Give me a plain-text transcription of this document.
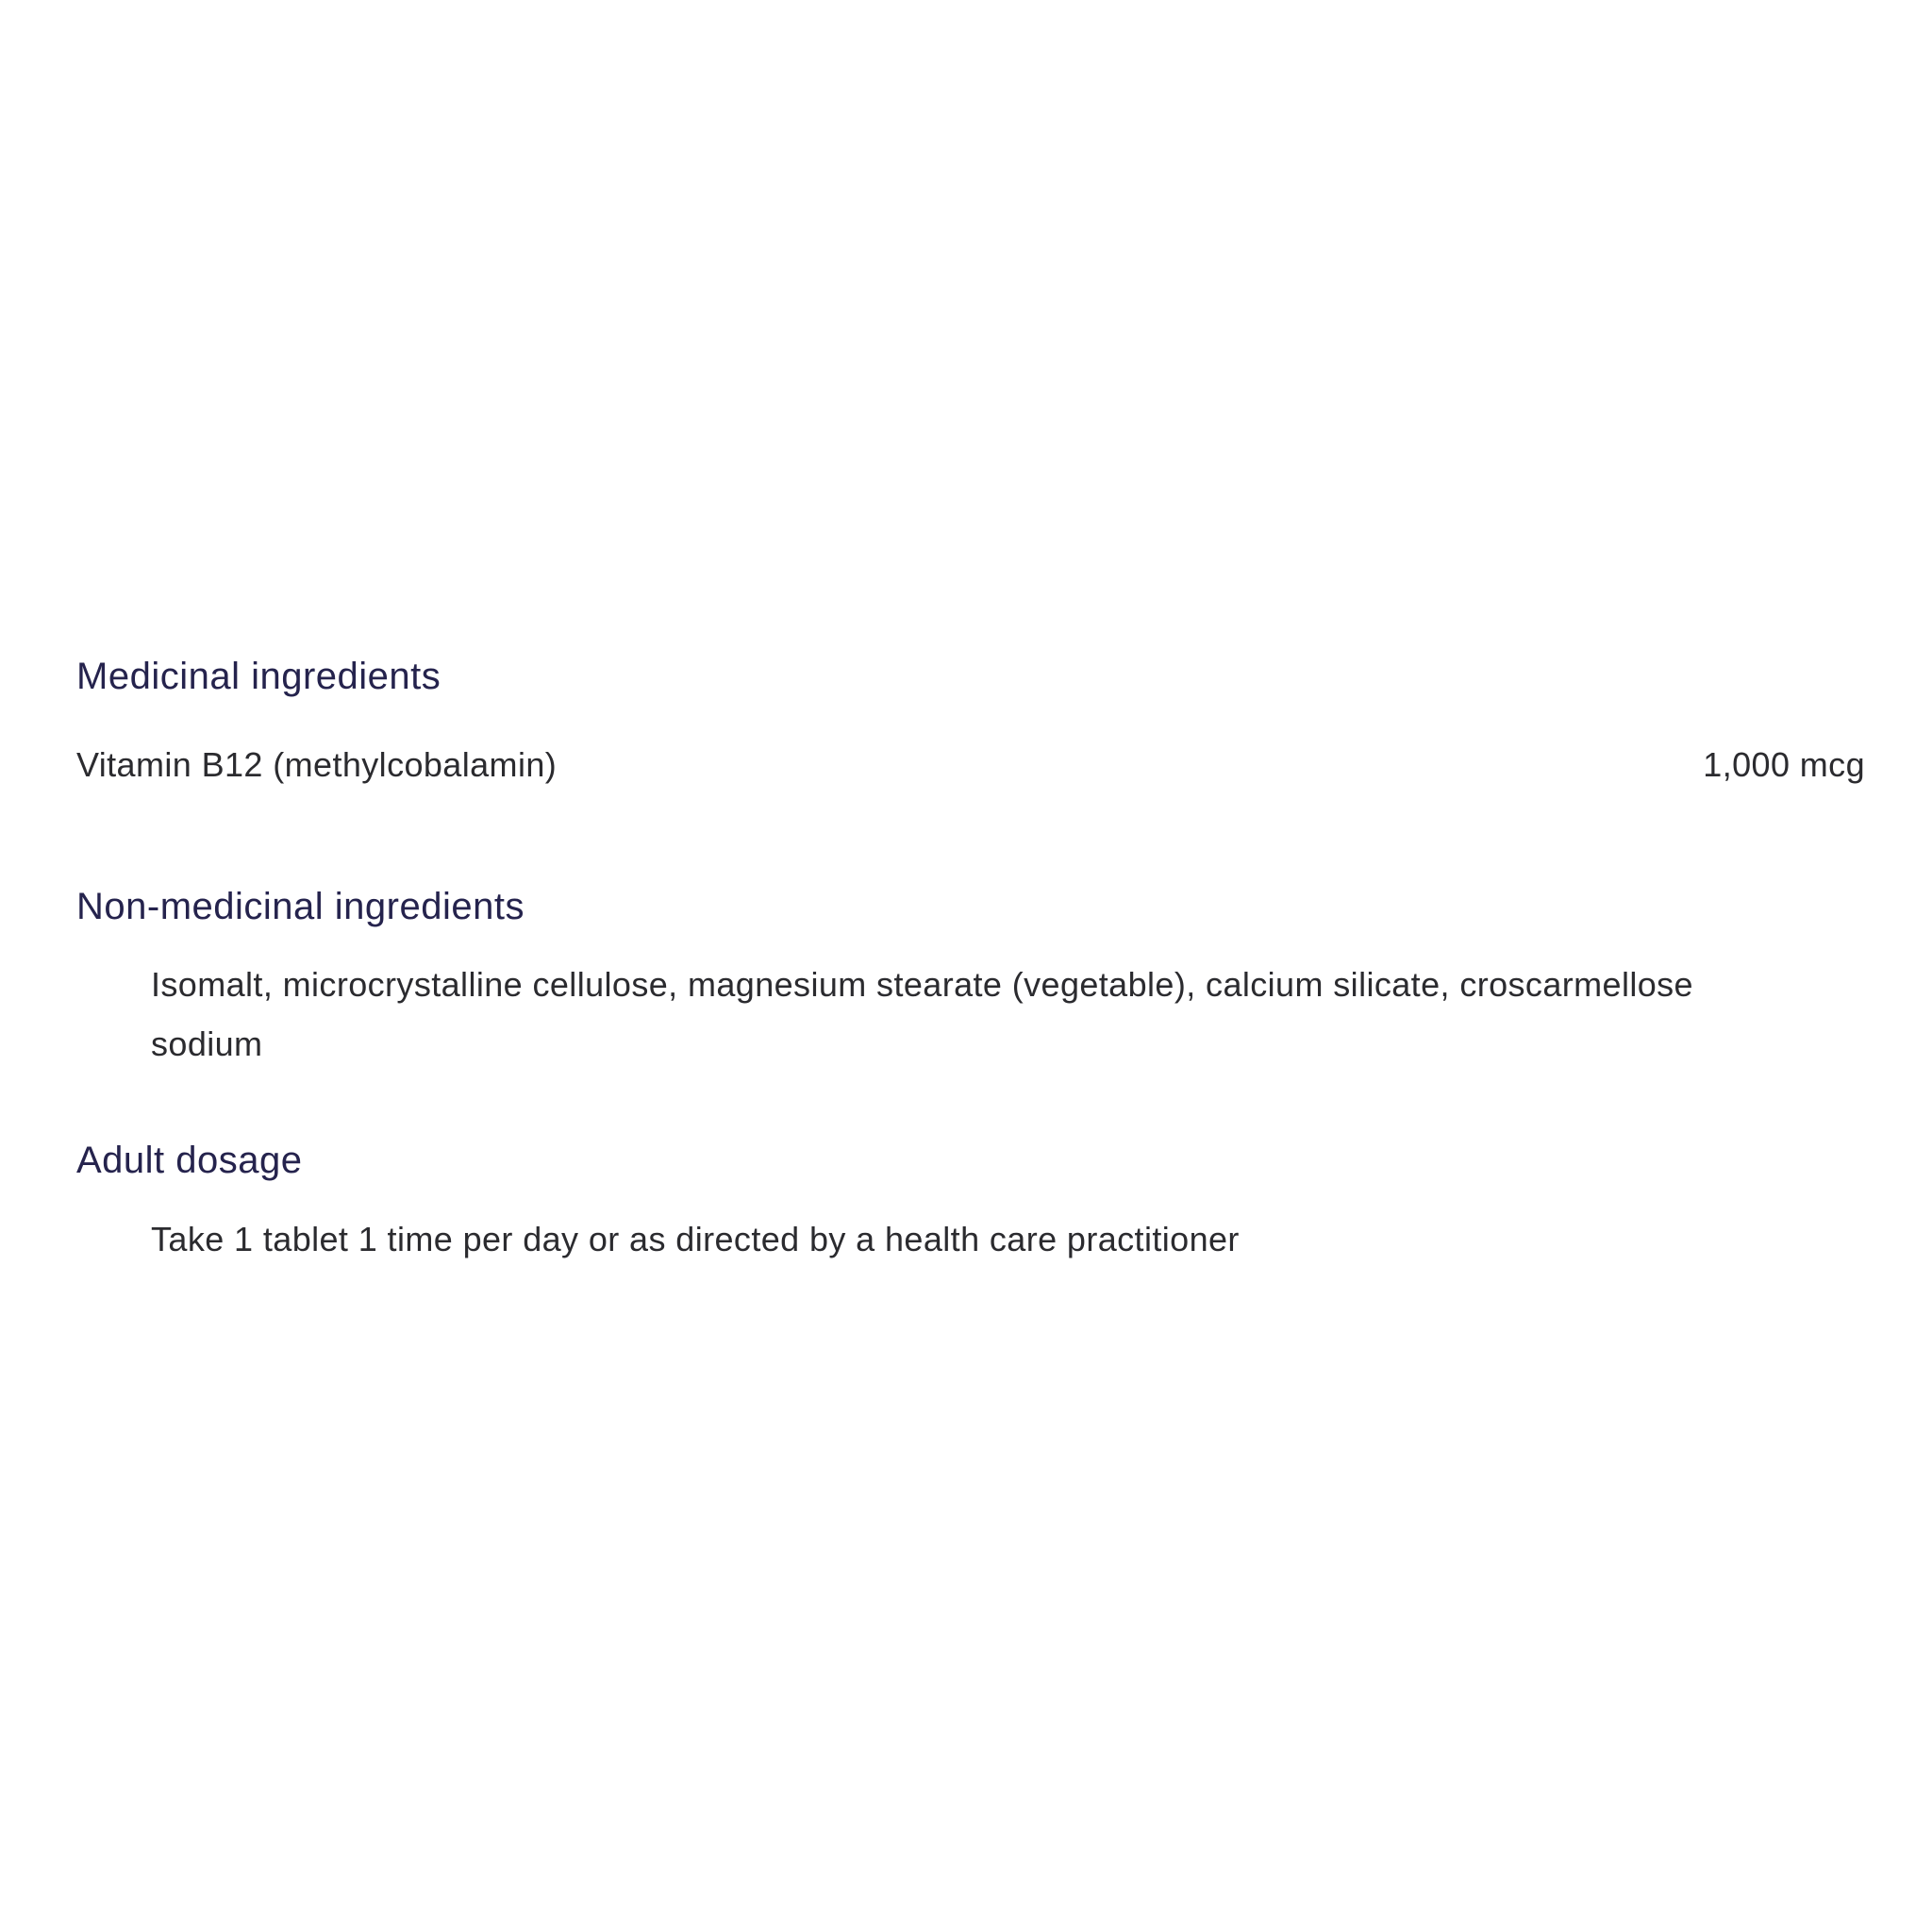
Medicinal ingredients
Vitamin B12 (methylcobalamin)	1,000 mcg
Non-medicinal ingredients

Isomalt, microcrystalline cellulose, magnesium stearate (vegetable), calcium silicate, croscarmellose sodium

Adult dosage

Take 1 tablet 1 time per day or as directed by a health care practitioner
